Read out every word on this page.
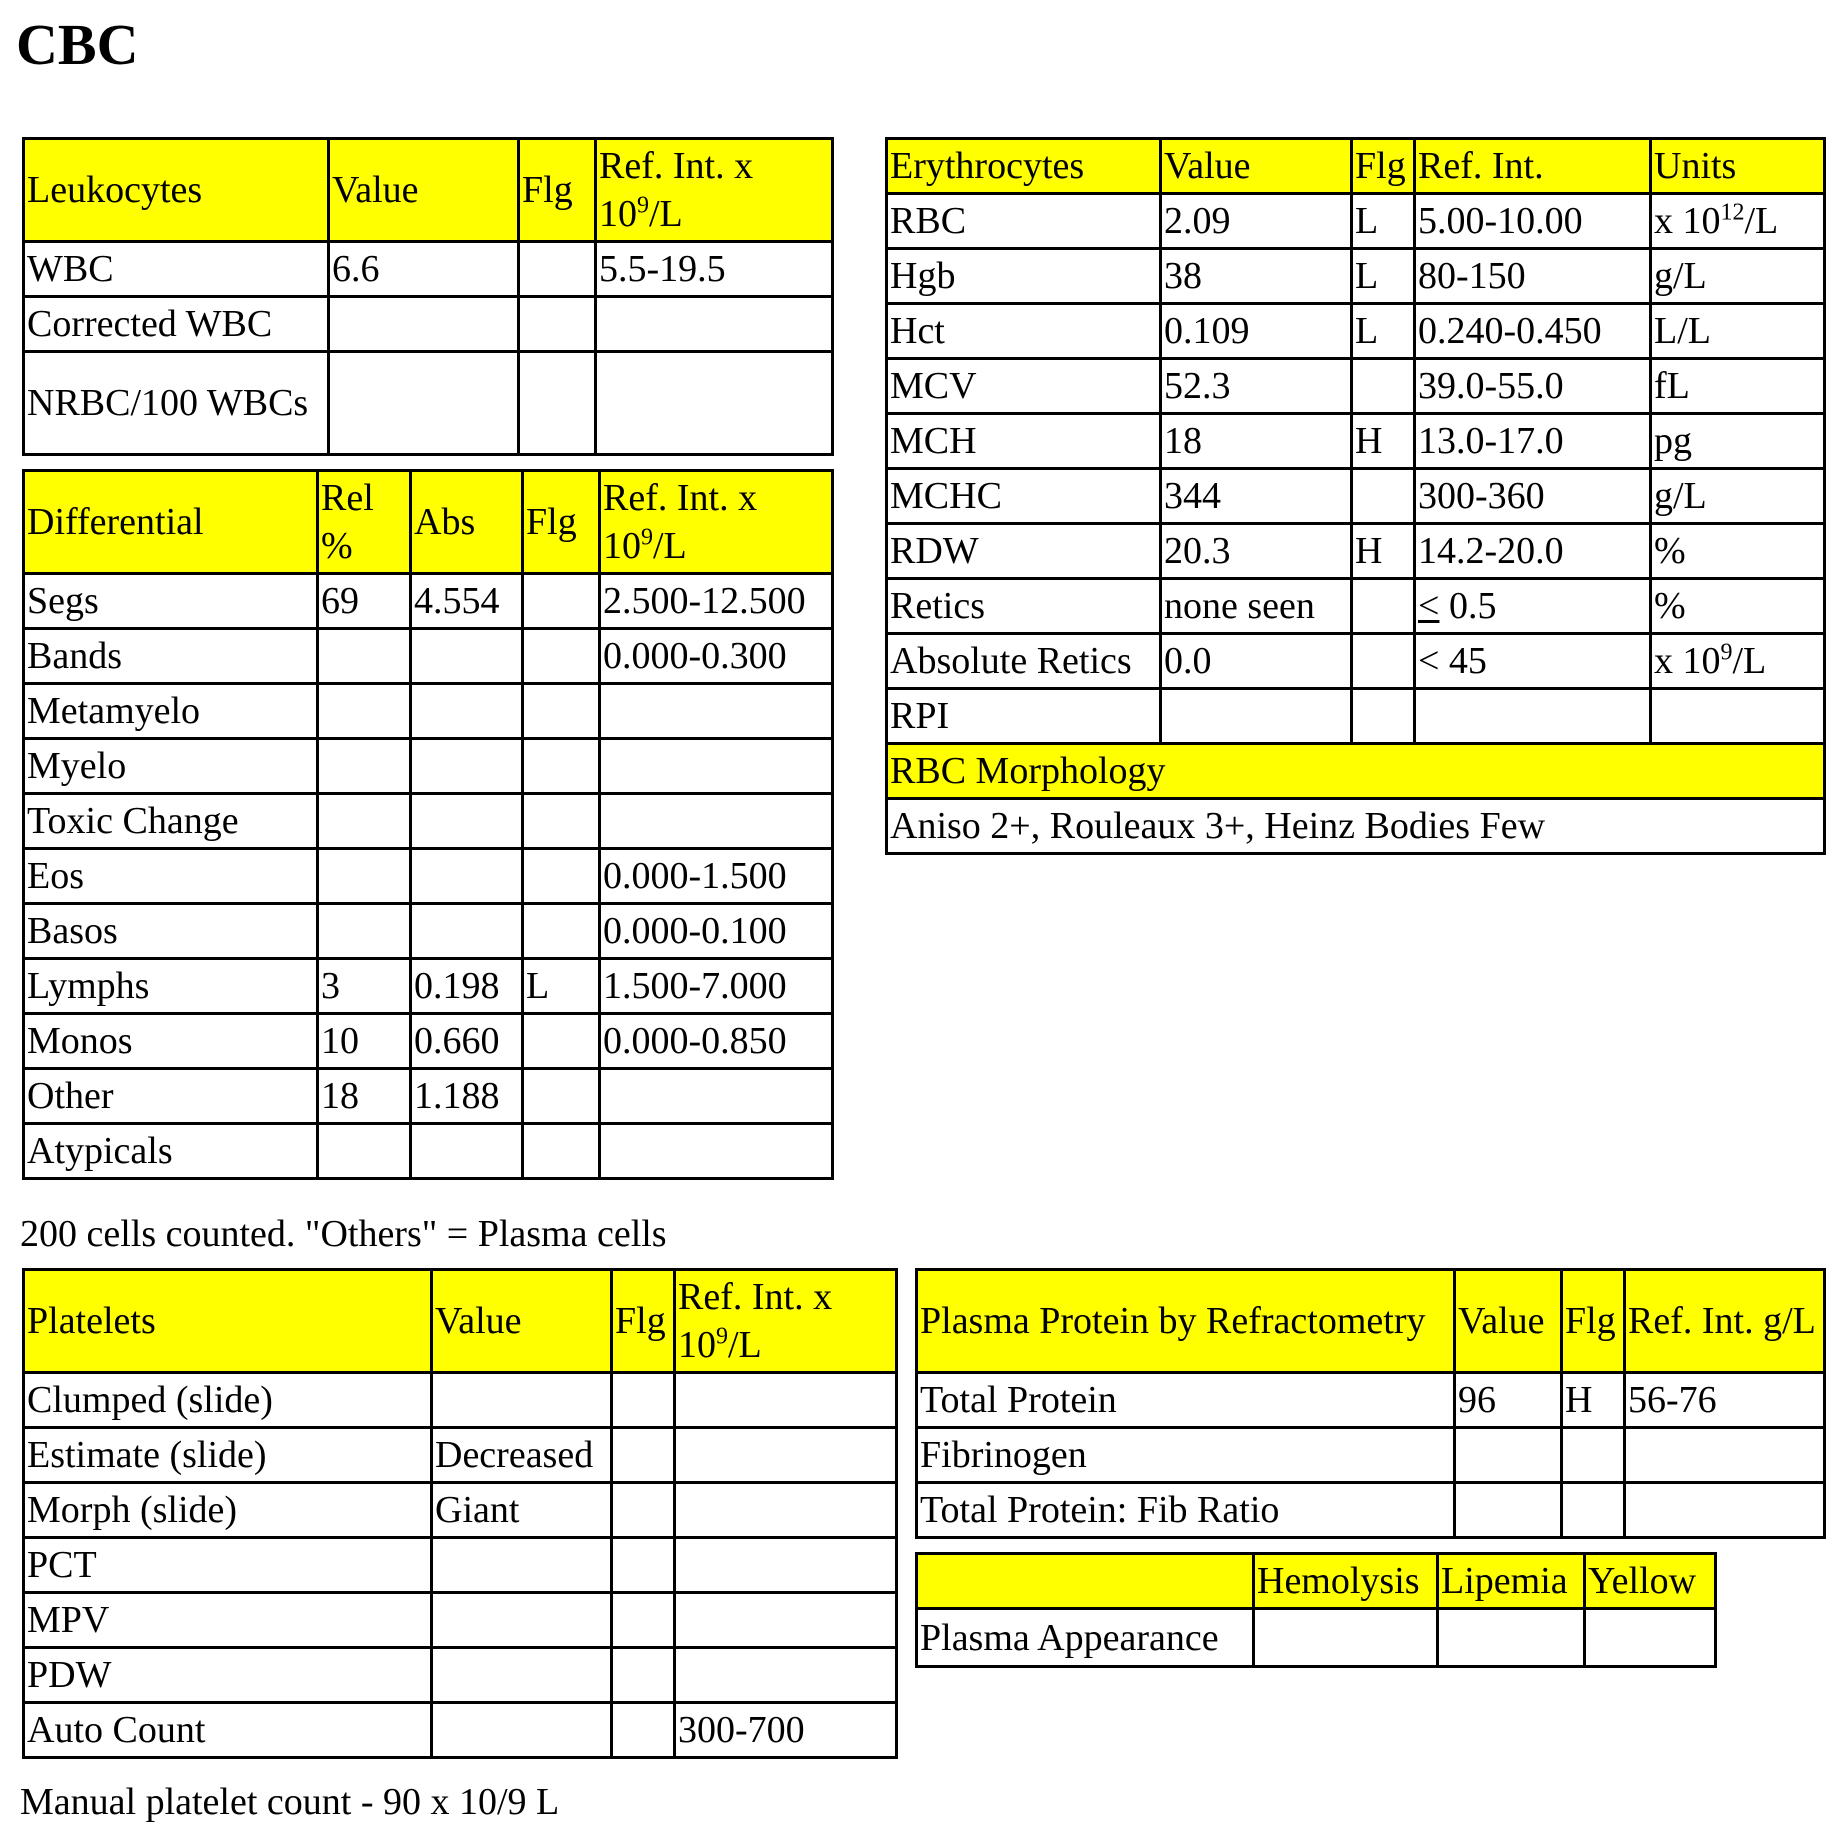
CBC
Leukocytes	Value	Flg	Ref. Int. x $10^9/L$
WBC	6.6		5.5-19.5
Corrected WBC			
NRBC/100 WBCs			
Differential	Rel %	Abs	Flg	Ref. Int. x $10^9/L$
Segs	69	4.554		2.500-12.500
Bands				0.000-0.300
Metamyelo				
Myelo				
Toxic Change				
Eos				0.000-1.500
Basos				0.000-0.100
Lymphs	3	0.198	L	1.500-7.000
Monos	10	0.660		0.000-0.850
Other	18	1.188		
Atypicals				

200 cells counted. "Others" = Plasma cells

Erythrocytes	Value	Flg	Ref. Int.	Units
RBC	2.09	L	5.00-10.00	x $10^{12}/L$
Hgb	38	L	80-150	g/L
Hct	0.109	L	0.240-0.450	L/L
MCV	52.3		39.0-55.0	fL
MCH	18	H	13.0-17.0	pg
MCHC	344		300-360	g/L
RDW	20.3	H	14.2-20.0	%
Retics	none seen		< 0.5	%
Absolute Retics	0.0		< 45	x $10^9/L$
RPI				
RBC Morphology				
Aniso 2+, Rouleaux 3+, Heinz Bodies Few				
Platelets	Value	Flg	Ref. Int. x $10^9/L$
Clumped (slide)			
Estimate (slide)	Decreased		
Morph (slide)	Giant		
PCT			
MPV			
PDW			
Auto Count			300-700

Manual platelet count - 90 x 10/9 L

Plasma Protein by Refractometry	Value	Flg	Ref. Int. g/L
Total Protein	96	H	56-76
Fibrinogen			
Total Protein: Fib Ratio			
	Hemolysis	Lipemia	Yellow
Plasma Appearance			
